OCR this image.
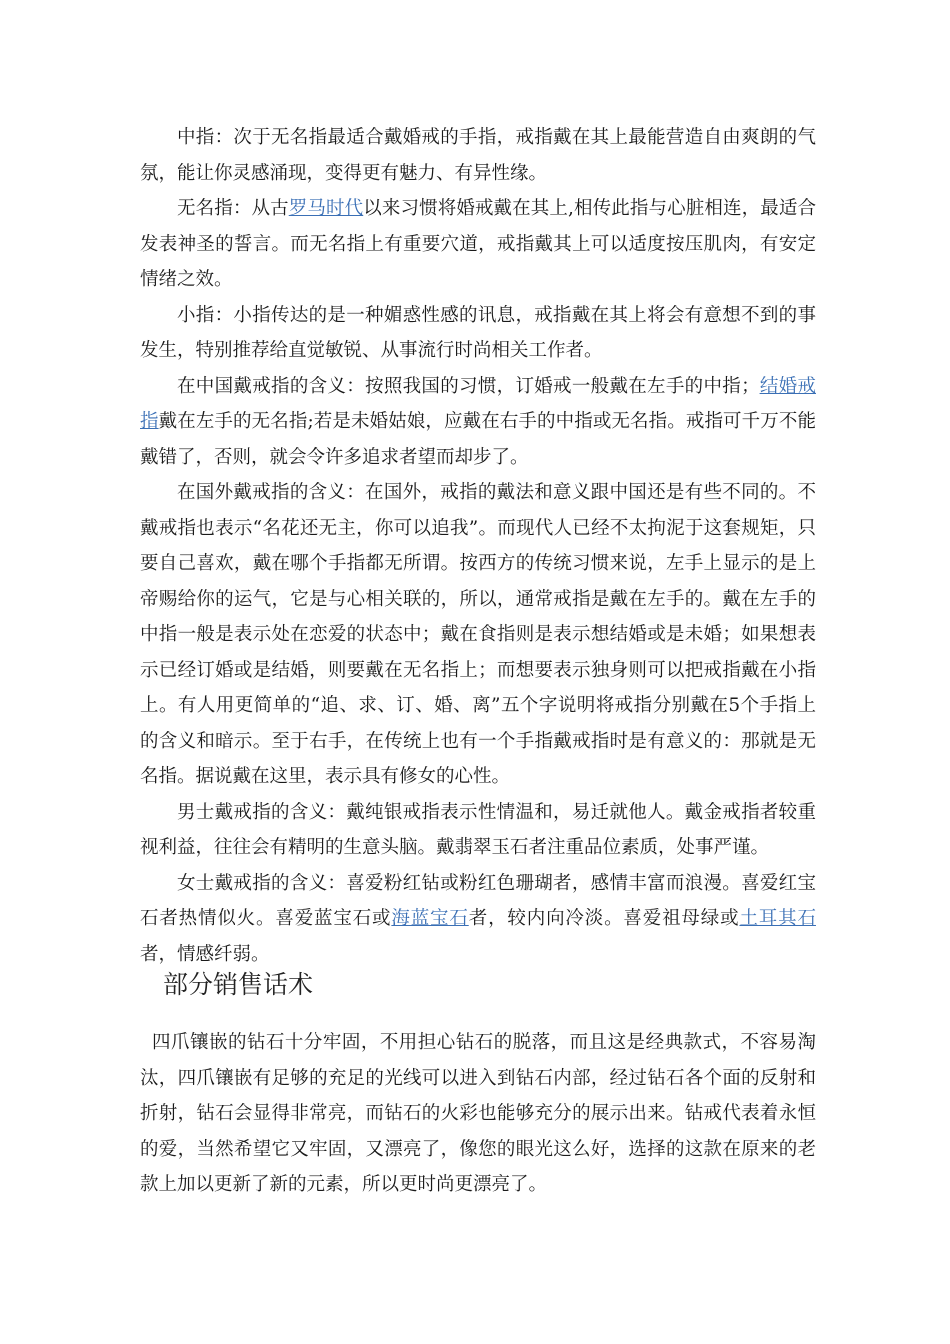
中指：次于无名指最适合戴婚戒的手指，戒指戴在其上最能营造自由爽朗的气氛，能让你灵感涌现，变得更有魅力、有异性缘。

无名指：从古罗马时代以来习惯将婚戒戴在其上,相传此指与心脏相连，最适合发表神圣的誓言。而无名指上有重要穴道，戒指戴其上可以适度按压肌肉，有安定情绪之效。

小指：小指传达的是一种媚惑性感的讯息，戒指戴在其上将会有意想不到的事发生，特别推荐给直觉敏锐、从事流行时尚相关工作者。

在中国戴戒指的含义：按照我国的习惯，订婚戒一般戴在左手的中指；结婚戒指戴在左手的无名指;若是未婚姑娘，应戴在右手的中指或无名指。戒指可千万不能戴错了，否则，就会令许多追求者望而却步了。

在国外戴戒指的含义：在国外，戒指的戴法和意义跟中国还是有些不同的。不戴戒指也表示“名花还无主，你可以追我”。而现代人已经不太拘泥于这套规矩，只要自己喜欢，戴在哪个手指都无所谓。按西方的传统习惯来说，左手上显示的是上帝赐给你的运气，它是与心相关联的，所以，通常戒指是戴在左手的。戴在左手的中指一般是表示处在恋爱的状态中；戴在食指则是表示想结婚或是未婚；如果想表示已经订婚或是结婚，则要戴在无名指上；而想要表示独身则可以把戒指戴在小指上。有人用更简单的“追、求、订、婚、离”五个字说明将戒指分别戴在5个手指上的含义和暗示。至于右手，在传统上也有一个手指戴戒指时是有意义的：那就是无名指。据说戴在这里，表示具有修女的心性。

男士戴戒指的含义：戴纯银戒指表示性情温和，易迁就他人。戴金戒指者较重视利益，往往会有精明的生意头脑。戴翡翠玉石者注重品位素质，处事严谨。

女士戴戒指的含义：喜爱粉红钻或粉红色珊瑚者，感情丰富而浪漫。喜爱红宝石者热情似火。喜爱蓝宝石或海蓝宝石者，较内向冷淡。喜爱祖母绿或土耳其石者，情感纤弱。

部分销售话术

四爪镶嵌的钻石十分牢固，不用担心钻石的脱落，而且这是经典款式，不容易淘汰，四爪镶嵌有足够的充足的光线可以进入到钻石内部，经过钻石各个面的反射和折射，钻石会显得非常亮，而钻石的火彩也能够充分的展示出来。钻戒代表着永恒的爱，当然希望它又牢固，又漂亮了，像您的眼光这么好，选择的这款在原来的老款上加以更新了新的元素，所以更时尚更漂亮了。
